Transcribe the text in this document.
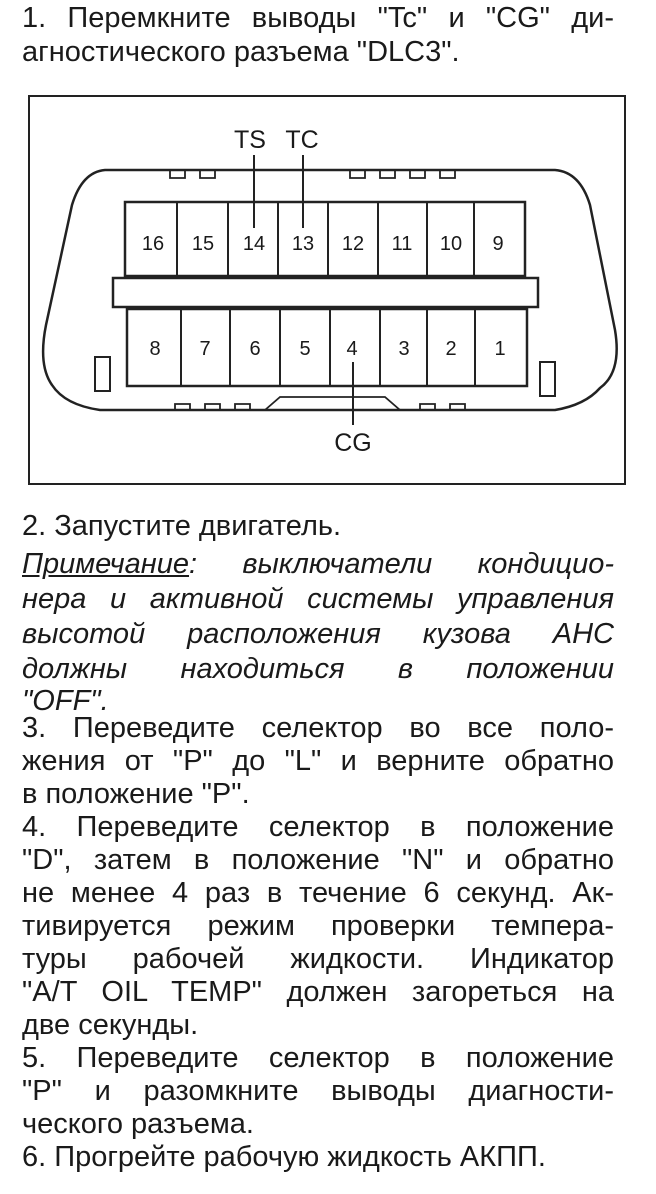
1. Перемкните выводы "Tc" и "CG" ди-

агностического разъема "DLC3".

16 15 14 13 12 11 10 9
8 7 6 5 4 3 2 1
TS TC
CG

2. Запустите двигатель.

Примечание: выключатели кондицио-

нера и активной системы управления

высотой расположения кузова АНС

должны находиться в положении

"OFF".

3. Переведите селектор во все поло-

жения от "P" до "L" и верните обратно

в положение "P".

4. Переведите селектор в положение

"D", затем в положение "N" и обратно

не менее 4 раз в течение 6 секунд. Ак-

тивируется режим проверки темпера-

туры рабочей жидкости. Индикатор

"A/T OIL TEMP" должен загореться на

две секунды.

5. Переведите селектор в положение

"P" и разомкните выводы диагности-

ческого разъема.

6. Прогрейте рабочую жидкость АКПП.
